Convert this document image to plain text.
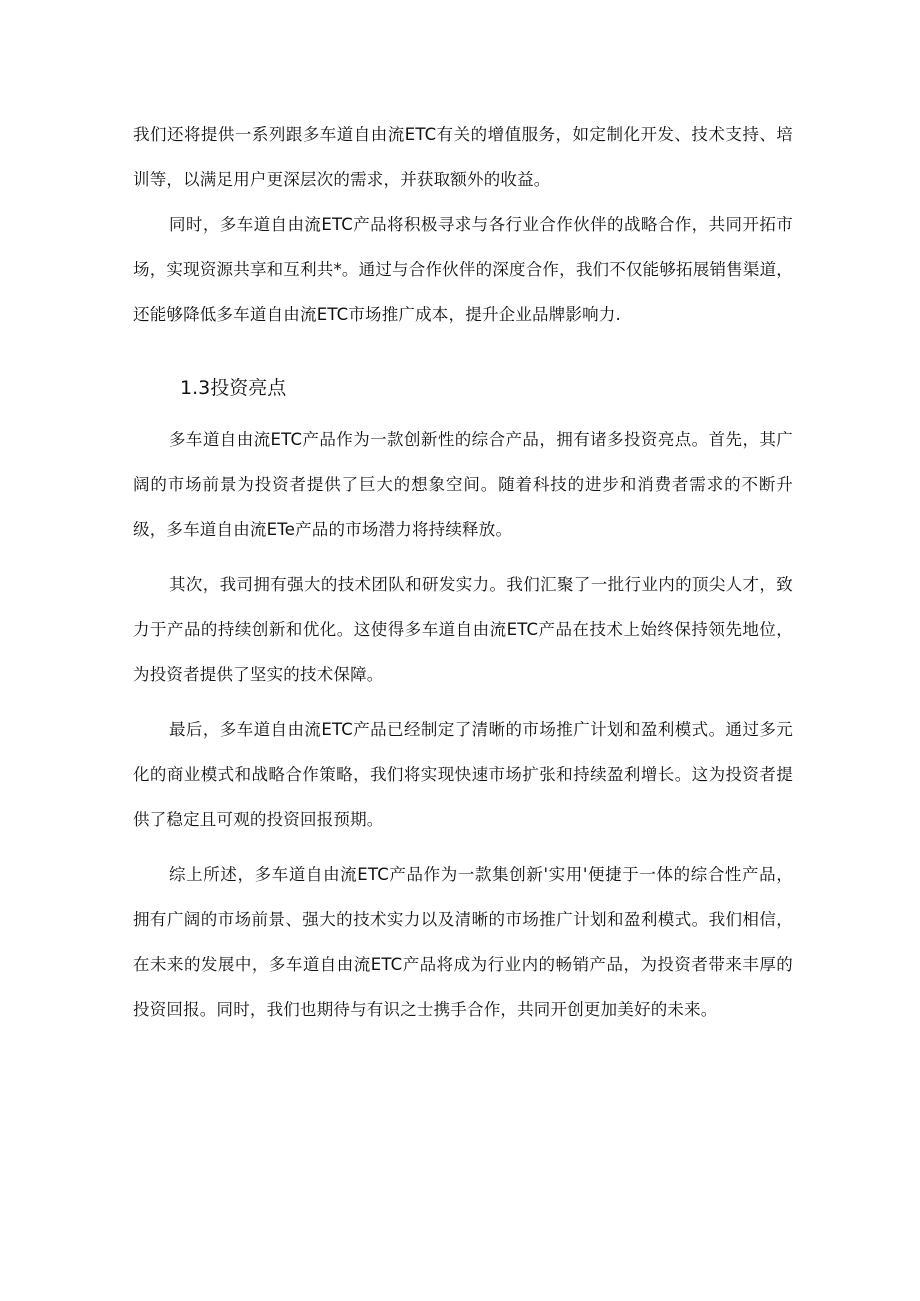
我们还将提供一系列跟多车道自由流ETC有关的增值服务，如定制化开发、技术支持、培训等，以满足用户更深层次的需求，并获取额外的收益。

同时，多车道自由流ETC产品将积极寻求与各行业合作伙伴的战略合作，共同开拓市场，实现资源共享和互利共*。通过与合作伙伴的深度合作，我们不仅能够拓展销售渠道，还能够降低多车道自由流ETC市场推广成本，提升企业品牌影响力.

1.3投资亮点

多车道自由流ETC产品作为一款创新性的综合产品，拥有诸多投资亮点。首先，其广阔的市场前景为投资者提供了巨大的想象空间。随着科技的进步和消费者需求的不断升级，多车道自由流ETe产品的市场潜力将持续释放。

其次，我司拥有强大的技术团队和研发实力。我们汇聚了一批行业内的顶尖人才，致力于产品的持续创新和优化。这使得多车道自由流ETC产品在技术上始终保持领先地位，为投资者提供了坚实的技术保障。

最后，多车道自由流ETC产品已经制定了清晰的市场推广计划和盈利模式。通过多元化的商业模式和战略合作策略，我们将实现快速市场扩张和持续盈利增长。这为投资者提供了稳定且可观的投资回报预期。

综上所述，多车道自由流ETC产品作为一款集创新'实用'便捷于一体的综合性产品，拥有广阔的市场前景、强大的技术实力以及清晰的市场推广计划和盈利模式。我们相信，在未来的发展中，多车道自由流ETC产品将成为行业内的畅销产品，为投资者带来丰厚的投资回报。同时，我们也期待与有识之士携手合作，共同开创更加美好的未来。
